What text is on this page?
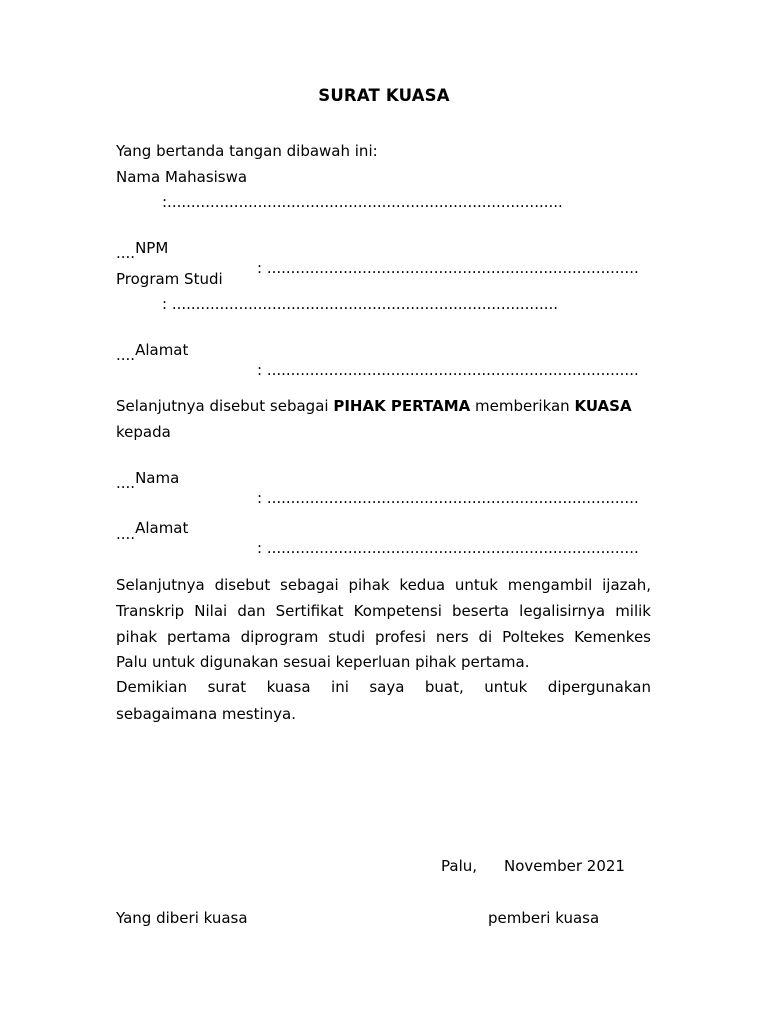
SURAT KUASA
Yang bertanda tangan dibawah ini:
Nama Mahasiswa
:...................................................................................

NPM

: ..............................................................................

....
Program Studi
: .................................................................................

Alamat

: ..............................................................................

....
Selanjutnya disebut sebagai PIHAK PERTAMA memberikan KUASA
kepada

Nama

: ..............................................................................

....

Alamat

: ..............................................................................

....
Selanjutnya disebut sebagai pihak kedua untuk mengambil ijazah,
Transkrip Nilai dan Sertifikat Kompetensi beserta legalisirnya milik
pihak pertama diprogram studi profesi ners di Poltekes Kemenkes
Palu untuk digunakan sesuai keperluan pihak pertama.
Demikian surat kuasa ini saya buat, untuk dipergunakan
sebagaimana mestinya.
Palu, November 2021
Yang diberi kuasa	pemberi kuasa
